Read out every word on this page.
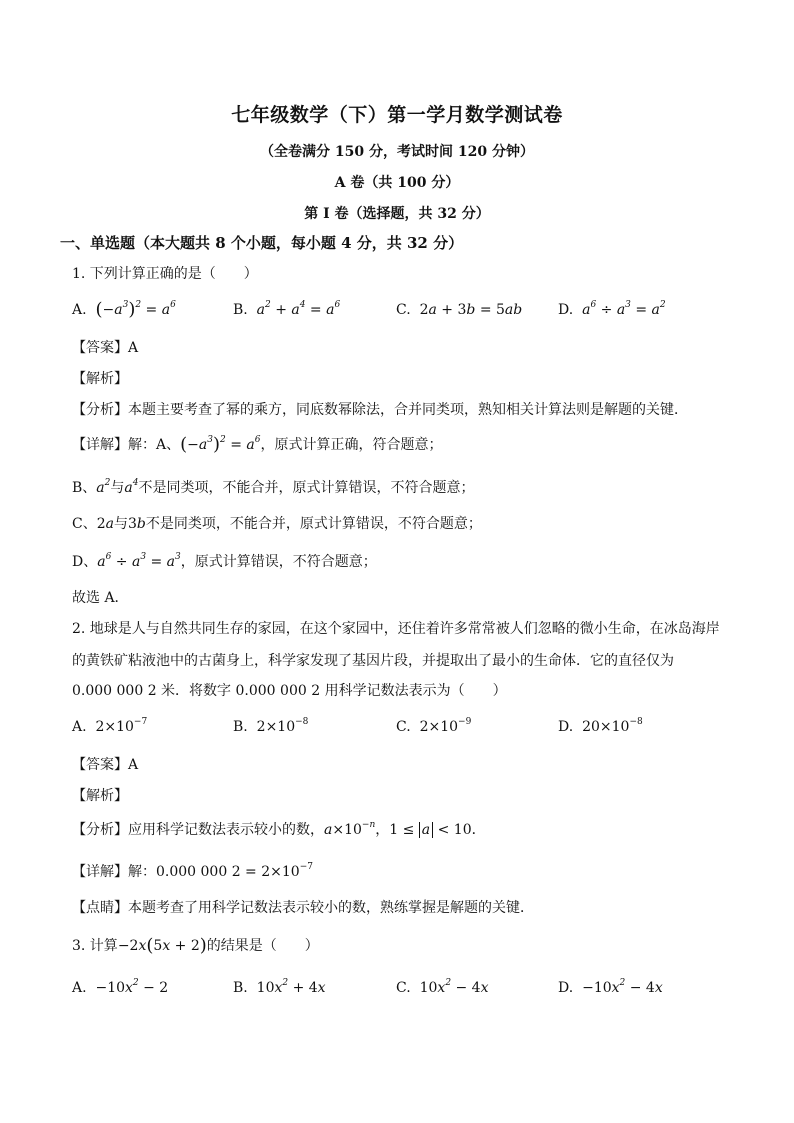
七年级数学（下）第一学月数学测试卷
（全卷满分 150 分，考试时间 120 分钟）
A 卷（共 100 分）
第 I 卷（选择题，共 32 分）
一、单选题（本大题共 8 个小题，每小题 4 分，共 32 分）
1. 下列计算正确的是（　　）
A. $(-a^3)^2 = a^6$	B. $a^2 + a^4 = a^6$	C. 2a + 3b = 5ab	D. $a^6 \div a^3 = a^2$
【答案】A
【解析】
【分析】本题主要考查了幂的乘方，同底数幂除法，合并同类项，熟知相关计算法则是解题的关键．
【详解】解：A、$(-a^3)^2 = a^6$，原式计算正确，符合题意；
B、$a^2$与$a^4$不是同类项，不能合并，原式计算错误，不符合题意；
C、2a与3b不是同类项，不能合并，原式计算错误，不符合题意；
D、$a^6 \div a^3 = a^3$，原式计算错误，不符合题意；
故选 A．
2. 地球是人与自然共同生存的家园，在这个家园中，还住着许多常常被人们忽略的微小生命，在冰岛海岸
的黄铁矿粘液池中的古菌身上，科学家发现了基因片段，并提取出了最小的生命体．它的直径仅为
0.000 000 2 米．将数字 0.000 000 2 用科学记数法表示为（　　）
A. $2\times 10^{-7}$	B. $2\times 10^{-8}$	C. $2\times 10^{-9}$	D. $20\times 10^{-8}$
【答案】A
【解析】
【分析】应用科学记数法表示较小的数，$a\times 10^{-n}$，1 ≤ a < 10．
【详解】解：0.000 000 $2 = 2\times 10^{-7}$
【点睛】本题考查了用科学记数法表示较小的数，熟练掌握是解题的关键．
3. 计算−2x(5x + 2)的结果是（　　）
A. $-10x^2 - 2$	B. $10x^2 + 4x$	C. $10x^2 - 4x$	D. $-10x^2 - 4x$
